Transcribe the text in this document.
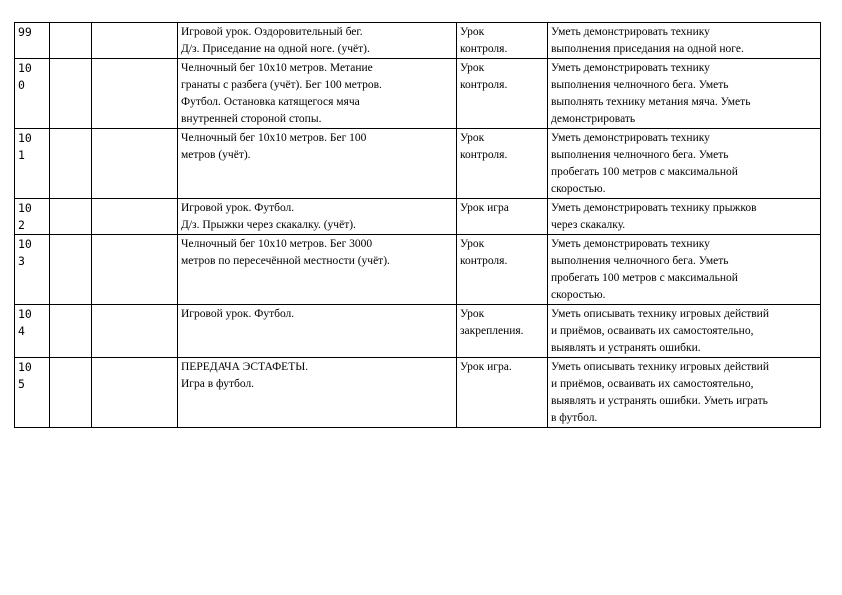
99			Игровой урок. Оздоровительный бег.
Д/з. Приседание на одной ноге. (учёт).	Урок
контроля.	Уметь демонстрировать технику
выполнения приседания на одной ноге.

10
0			Челночный бег 10х10 метров. Метание
гранаты с разбега (учёт). Бег 100 метров.
Футбол. Остановка катящегося мяча
внутренней стороной стопы.	Урок
контроля.	Уметь демонстрировать технику
выполнения челночного бега. Уметь
выполнять технику метания мяча. Уметь
демонстрировать

10
1			Челночный бег 10х10 метров. Бег 100
метров (учёт).	Урок
контроля.	Уметь демонстрировать технику
выполнения челночного бега. Уметь
пробегать 100 метров с максимальной
скоростью.

10
2			Игровой урок. Футбол.
Д/з. Прыжки через скакалку. (учёт).	Урок игра	Уметь демонстрировать технику прыжков
через скакалку.

10
3			Челночный бег 10х10 метров. Бег 3000
метров по пересечённой местности (учёт).	Урок
контроля.	Уметь демонстрировать технику
выполнения челночного бега. Уметь
пробегать 100 метров с максимальной
скоростью.

10
4			Игровой урок. Футбол.	Урок
закрепления.	Уметь описывать технику игровых действий
и приёмов, осваивать их самостоятельно,
выявлять и устранять ошибки.

10
5			ПЕРЕДАЧА ЭСТАФЕТЫ.
Игра в футбол.	Урок игра.	Уметь описывать технику игровых действий
и приёмов, осваивать их самостоятельно,
выявлять и устранять ошибки. Уметь играть
в футбол.
